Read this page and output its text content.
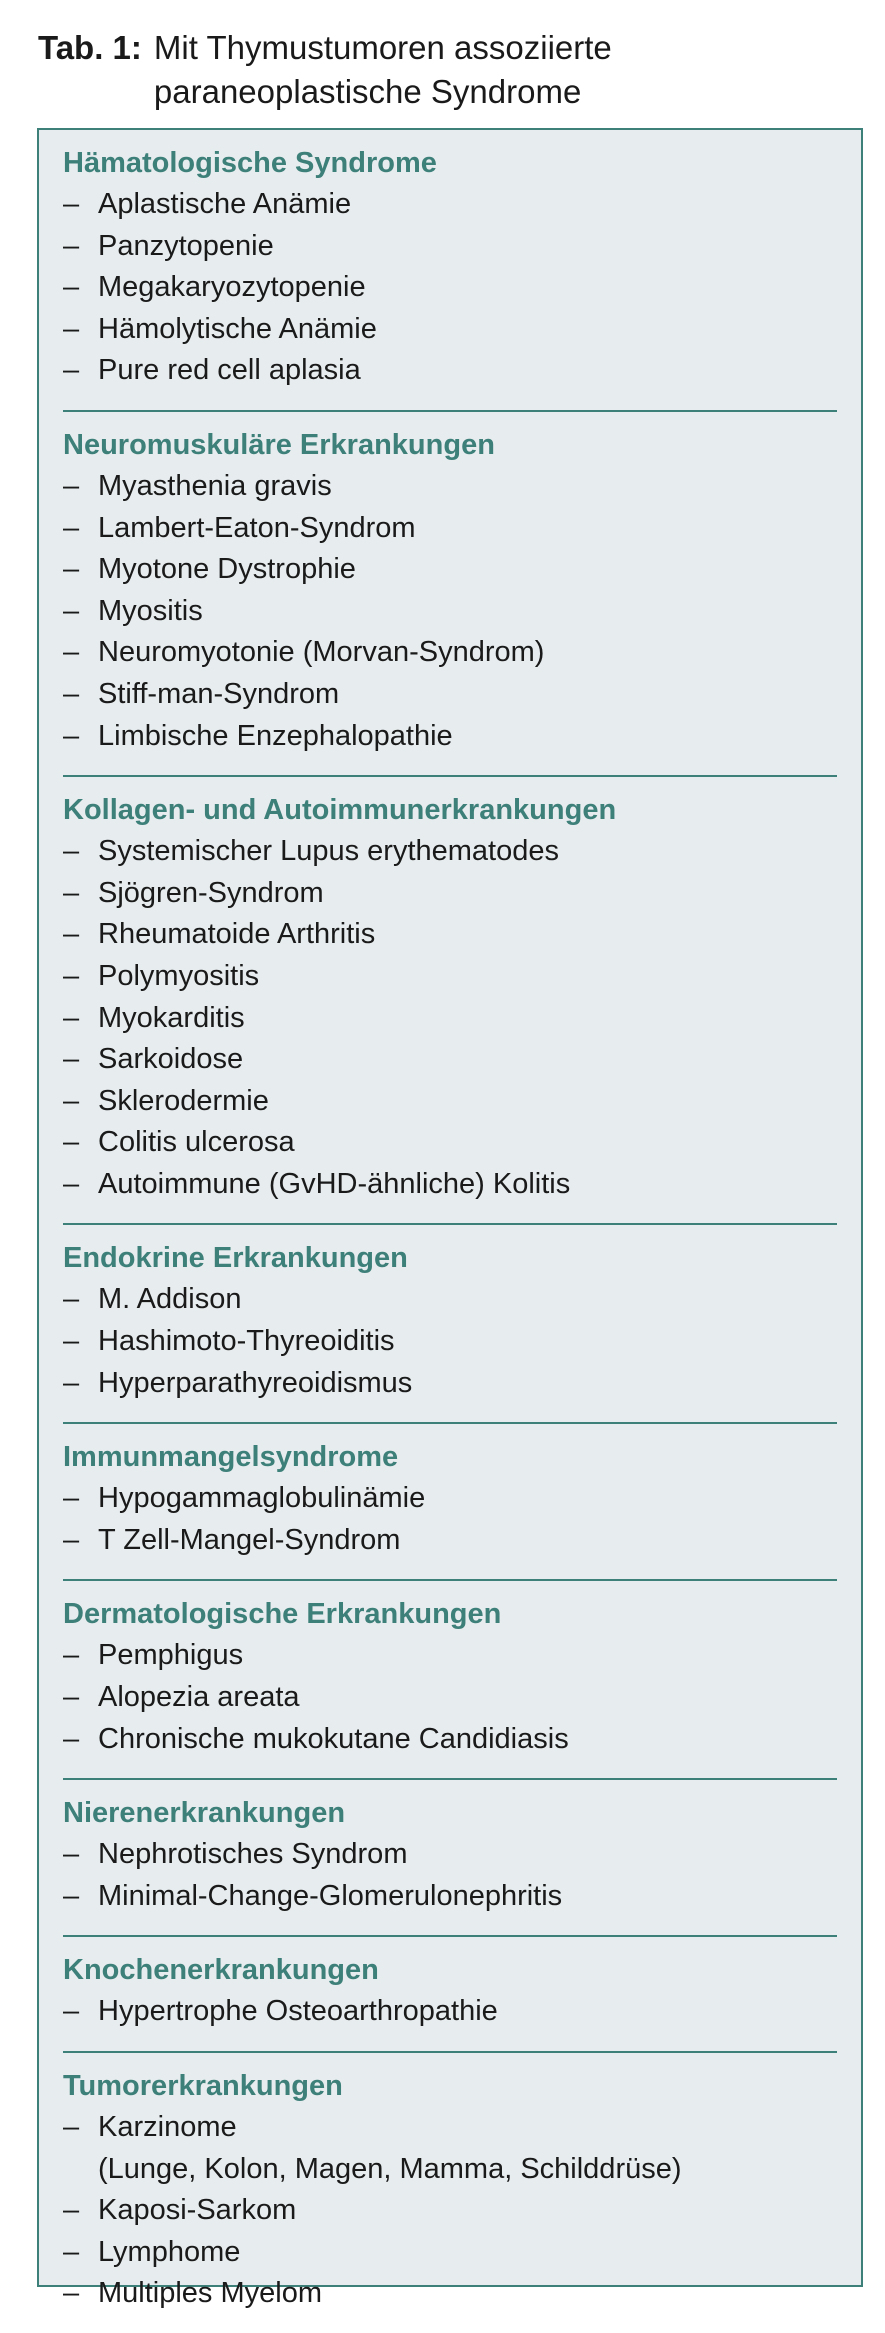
Tab. 1: Mit Thymustumoren assoziierte paraneoplastische Syndrome
Hämatologische Syndrome
– Aplastische Anämie
– Panzytopenie
– Megakaryozytopenie
– Hämolytische Anämie
– Pure red cell aplasia
Neuromuskuläre Erkrankungen
– Myasthenia gravis
– Lambert-Eaton-Syndrom
– Myotone Dystrophie
– Myositis
– Neuromyotonie (Morvan-Syndrom)
– Stiff-man-Syndrom
– Limbische Enzephalopathie
Kollagen- und Autoimmunerkrankungen
– Systemischer Lupus erythematodes
– Sjögren-Syndrom
– Rheumatoide Arthritis
– Polymyositis
– Myokarditis
– Sarkoidose
– Sklerodermie
– Colitis ulcerosa
– Autoimmune (GvHD-ähnliche) Kolitis
Endokrine Erkrankungen
– M. Addison
– Hashimoto-Thyreoiditis
– Hyperparathyreoidismus
Immunmangelsyndrome
– Hypogammaglobulinämie
– T Zell-Mangel-Syndrom
Dermatologische Erkrankungen
– Pemphigus
– Alopezia areata
– Chronische mukokutane Candidiasis
Nierenerkrankungen
– Nephrotisches Syndrom
– Minimal-Change-Glomerulonephritis
Knochenerkrankungen
– Hypertrophe Osteoarthropathie
Tumorerkrankungen
– Karzinome
(Lunge, Kolon, Magen, Mamma, Schilddrüse)
– Kaposi-Sarkom
– Lymphome
– Multiples Myelom
